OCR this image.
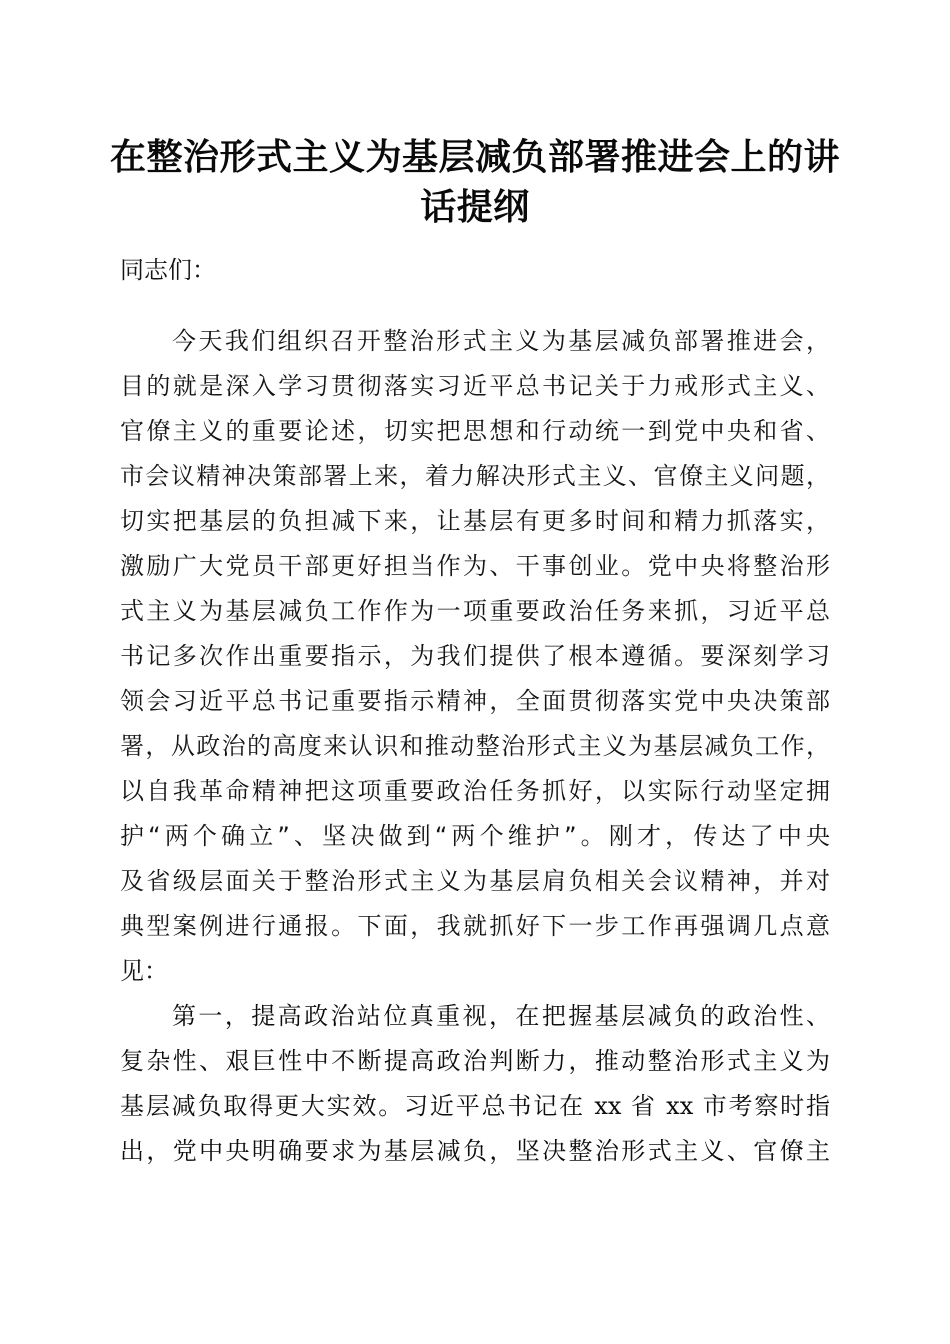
在整治形式主义为基层减负部署推进会上的讲话提纲

同志们：

今天我们组织召开整治形式主义为基层减负部署推进会，

目的就是深入学习贯彻落实习近平总书记关于力戒形式主义、

官僚主义的重要论述，切实把思想和行动统一到党中央和省、

市会议精神决策部署上来，着力解决形式主义、官僚主义问题，

切实把基层的负担减下来，让基层有更多时间和精力抓落实，

激励广大党员干部更好担当作为、干事创业。党中央将整治形

式主义为基层减负工作作为一项重要政治任务来抓，习近平总

书记多次作出重要指示，为我们提供了根本遵循。要深刻学习

领会习近平总书记重要指示精神，全面贯彻落实党中央决策部

署，从政治的高度来认识和推动整治形式主义为基层减负工作，

以自我革命精神把这项重要政治任务抓好，以实际行动坚定拥

护“两个确立”、坚决做到“两个维护”。刚才，传达了中央

及省级层面关于整治形式主义为基层肩负相关会议精神，并对

典型案例进行通报。下面，我就抓好下一步工作再强调几点意

见：

第一，提高政治站位真重视，在把握基层减负的政治性、

复杂性、艰巨性中不断提高政治判断力，推动整治形式主义为

基层减负取得更大实效。习近平总书记在 xx 省 xx 市考察时指

出，党中央明确要求为基层减负，坚决整治形式主义、官僚主
